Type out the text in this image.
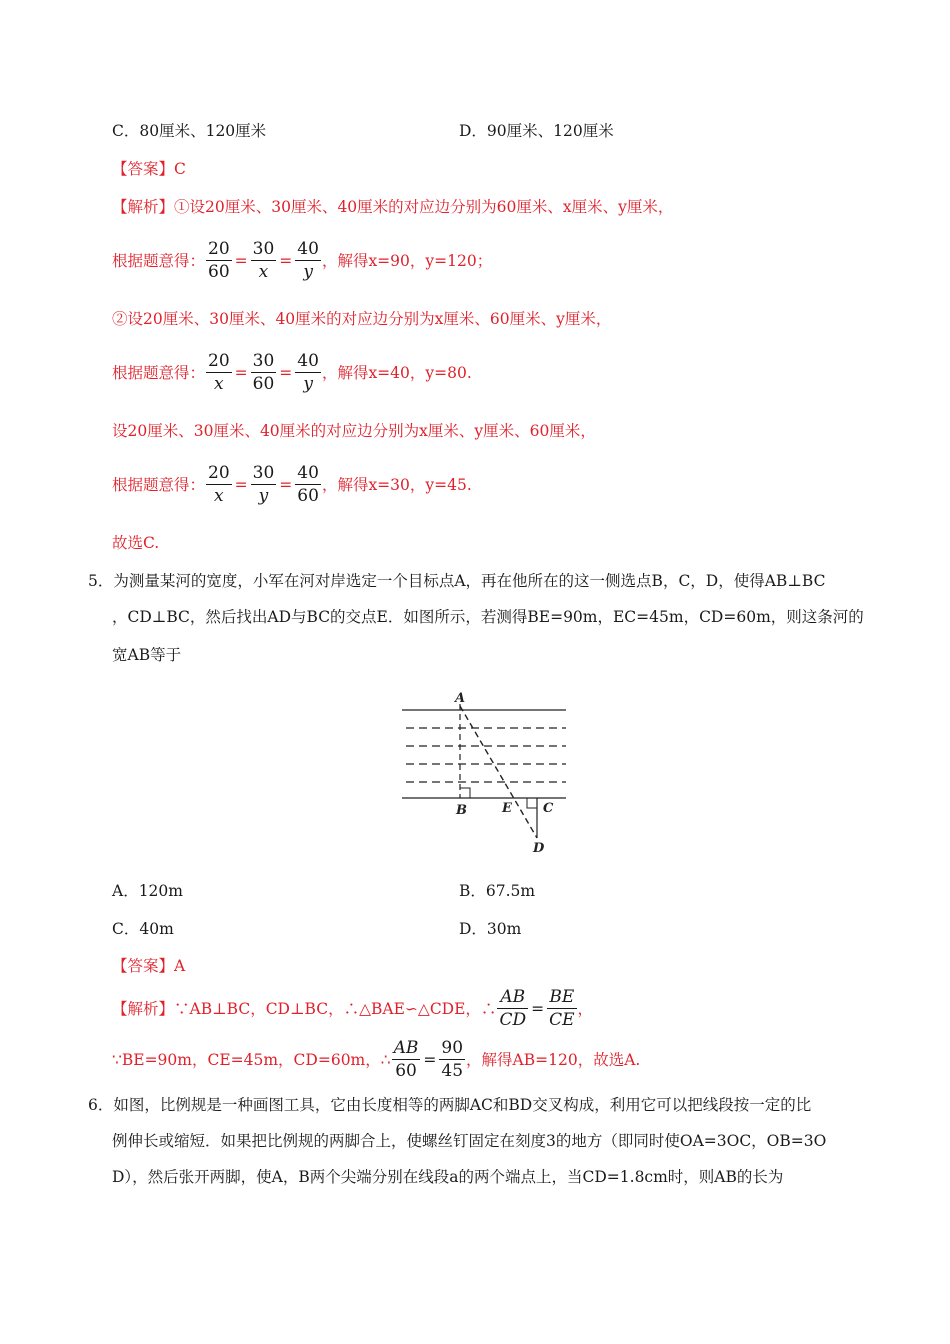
C．80厘米、120厘米	D．90厘米、120厘米
【答案】C
【解析】①设20厘米、30厘米、40厘米的对应边分别为60厘米、x厘米、y厘米，
根据题意得： $\frac{20}{60} = \frac{30}{x} = \frac{40}{y}$ ，解得x=90，y=120；
②设20厘米、30厘米、40厘米的对应边分别为x厘米、60厘米、y厘米，
根据题意得： $\frac{20}{x} = \frac{30}{60} = \frac{40}{y}$ ，解得x=40，y=80.
设20厘米、30厘米、40厘米的对应边分别为x厘米、y厘米、60厘米，
根据题意得： $\frac{20}{x} = \frac{30}{y} = \frac{40}{60}$ ，解得x=30，y=45.
故选C.
5．为测量某河的宽度，小军在河对岸选定一个目标点A，再在他所在的这一侧选点B，C，D，使得AB⊥BC
，CD⊥BC，然后找出AD与BC的交点E．如图所示，若测得BE=90m，EC=45m，CD=60m，则这条河的
宽AB等于
A
B	E C
D
A．120m	B．67.5m
C．40m	D．30m
【答案】A
【解析】∵AB⊥BC，CD⊥BC，∴△BAE∽△CDE，∴ $\frac{AB}{CD} = \frac{BE}{CE}$ ，
∵BE=90m，CE=45m，CD=60m，∴ $\frac{AB}{60} = \frac{90}{45}$ ，解得AB=120，故选A.
6．如图，比例规是一种画图工具，它由长度相等的两脚AC和BD交叉构成，利用它可以把线段按一定的比
例伸长或缩短．如果把比例规的两脚合上，使螺丝钉固定在刻度3的地方（即同时使OA=3OC，OB=3O
D），然后张开两脚，使A，B两个尖端分别在线段a的两个端点上，当CD=1.8cm时，则AB的长为
